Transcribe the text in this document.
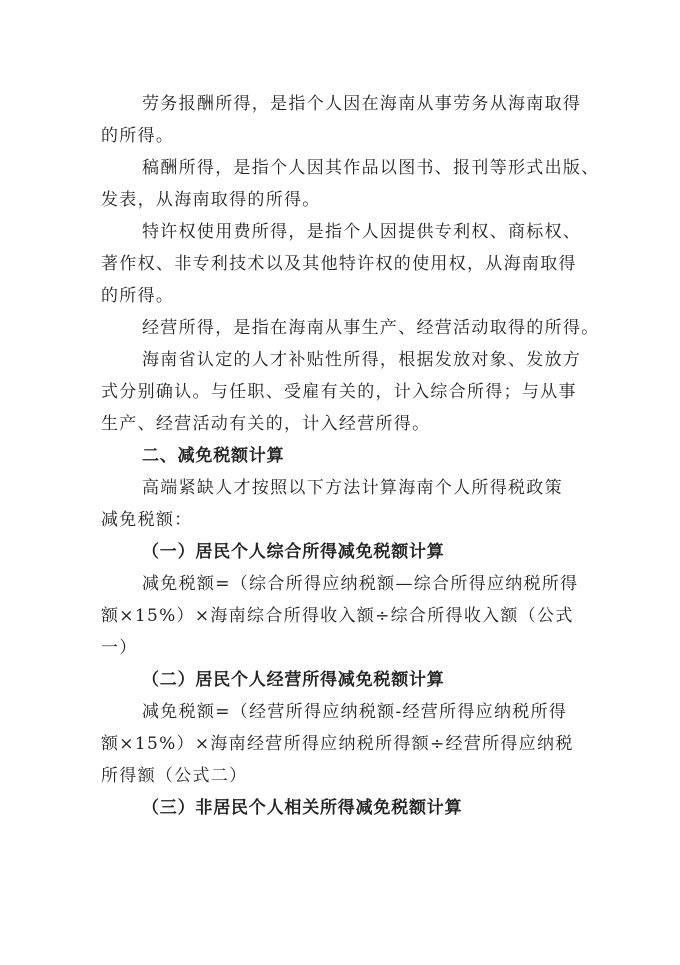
劳务报酬所得，是指个人因在海南从事劳务从海南取得

的所得。

稿酬所得，是指个人因其作品以图书、报刊等形式出版、

发表，从海南取得的所得。

特许权使用费所得，是指个人因提供专利权、商标权、

著作权、非专利技术以及其他特许权的使用权，从海南取得

的所得。

经营所得，是指在海南从事生产、经营活动取得的所得。

海南省认定的人才补贴性所得，根据发放对象、发放方

式分别确认。与任职、受雇有关的，计入综合所得；与从事

生产、经营活动有关的，计入经营所得。

二、减免税额计算

高端紧缺人才按照以下方法计算海南个人所得税政策

减免税额：

（一）居民个人综合所得减免税额计算

减免税额=（综合所得应纳税额—综合所得应纳税所得

额×15%）×海南综合所得收入额÷综合所得收入额（公式

一）

（二）居民个人经营所得减免税额计算

减免税额=（经营所得应纳税额-经营所得应纳税所得

额×15%）×海南经营所得应纳税所得额÷经营所得应纳税

所得额（公式二）

（三）非居民个人相关所得减免税额计算
